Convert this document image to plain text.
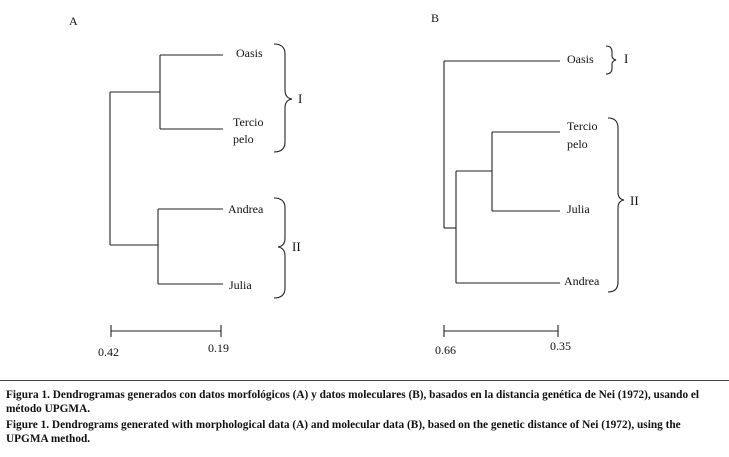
A
Oasis
Tercio
pelo
Andrea
Julia
I
II
0.42	0.19
B
Oasis
Tercio
pelo
Julia
Andrea
I
II
0.66	0.35
Figura 1. Dendrogramas generados con datos morfológicos (A) y datos moleculares (B), basados en la distancia genética de Nei (1972), usando el método UPGMA.
Figure 1. Dendrograms generated with morphological data (A) and molecular data (B), based on the genetic distance of Nei (1972), using the UPGMA method.
